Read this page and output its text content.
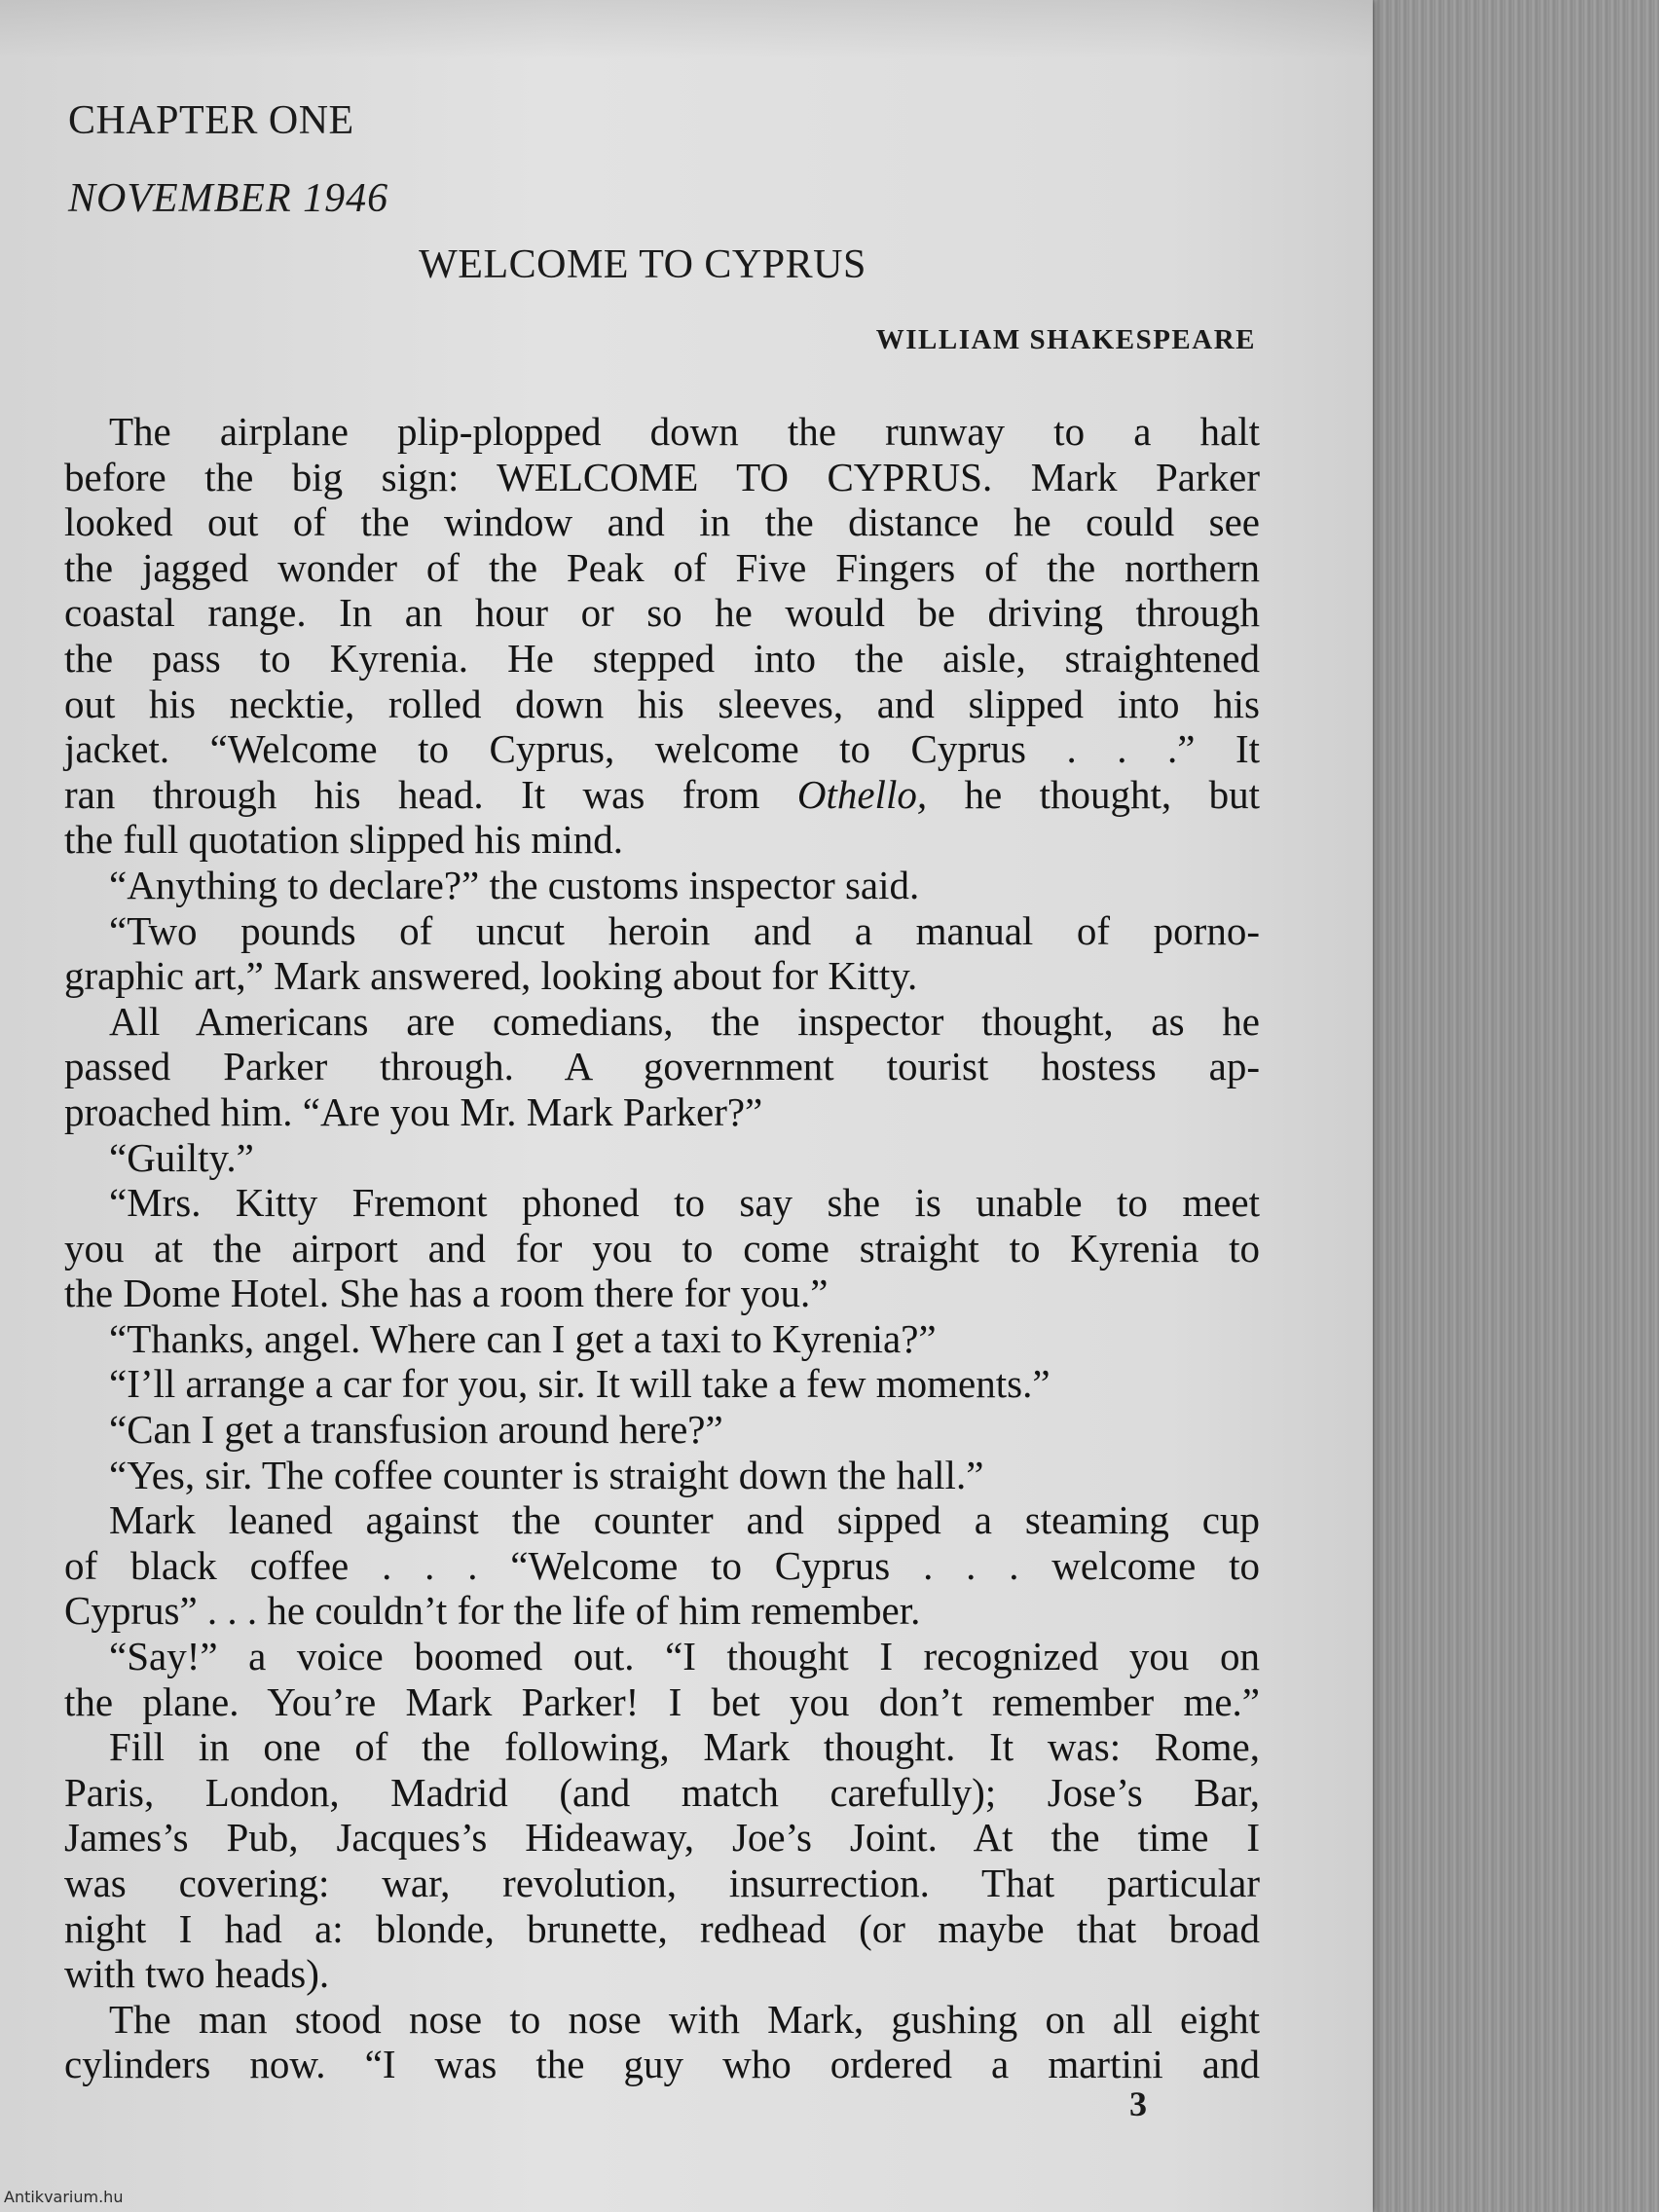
CHAPTER ONE
NOVEMBER 1946
WELCOME TO CYPRUS
WILLIAM SHAKESPEARE
The airplane plip-plopped down the runway to a halt
before the big sign: WELCOME TO CYPRUS. Mark Parker
looked out of the window and in the distance he could see
the jagged wonder of the Peak of Five Fingers of the northern
coastal range. In an hour or so he would be driving through
the pass to Kyrenia. He stepped into the aisle, straightened
out his necktie, rolled down his sleeves, and slipped into his
jacket. “Welcome to Cyprus, welcome to Cyprus . . .” It
ran through his head. It was from Othello, he thought, but
the full quotation slipped his mind.
“Anything to declare?” the customs inspector said.
“Two pounds of uncut heroin and a manual of porno-
graphic art,” Mark answered, looking about for Kitty.
All Americans are comedians, the inspector thought, as he
passed Parker through. A government tourist hostess ap-
proached him. “Are you Mr. Mark Parker?”
“Guilty.”
“Mrs. Kitty Fremont phoned to say she is unable to meet
you at the airport and for you to come straight to Kyrenia to
the Dome Hotel. She has a room there for you.”
“Thanks, angel. Where can I get a taxi to Kyrenia?”
“I’ll arrange a car for you, sir. It will take a few moments.”
“Can I get a transfusion around here?”
“Yes, sir. The coffee counter is straight down the hall.”
Mark leaned against the counter and sipped a steaming cup
of black coffee . . . “Welcome to Cyprus . . . welcome to
Cyprus” . . . he couldn’t for the life of him remember.
“Say!” a voice boomed out. “I thought I recognized you on
the plane. You’re Mark Parker! I bet you don’t remember me.”
Fill in one of the following, Mark thought. It was: Rome,
Paris, London, Madrid (and match carefully); Jose’s Bar,
James’s Pub, Jacques’s Hideaway, Joe’s Joint. At the time I
was covering: war, revolution, insurrection. That particular
night I had a: blonde, brunette, redhead (or maybe that broad
with two heads).
The man stood nose to nose with Mark, gushing on all eight
cylinders now. “I was the guy who ordered a martini and
3
Antikvarium.hu
